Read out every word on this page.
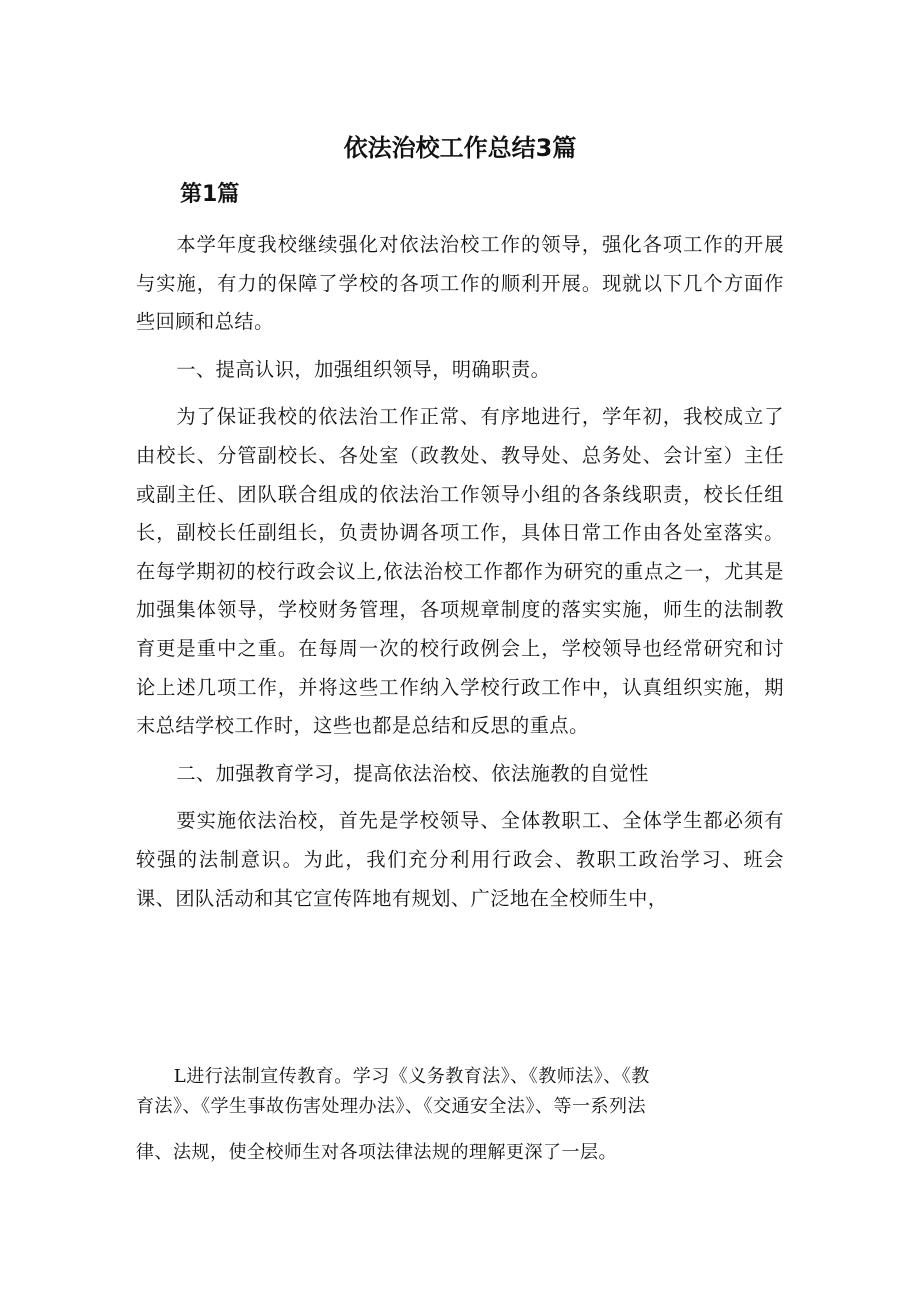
依法治校工作总结3篇
第1篇

本学年度我校继续强化对依法治校工作的领导，强化各项工作的开展与实施，有力的保障了学校的各项工作的顺利开展。现就以下几个方面作些回顾和总结。

一、提高认识，加强组织领导，明确职责。

为了保证我校的依法治工作正常、有序地进行，学年初，我校成立了由校长、分管副校长、各处室（政教处、教导处、总务处、会计室）主任或副主任、团队联合组成的依法治工作领导小组的各条线职责，校长任组长，副校长任副组长，负责协调各项工作，具体日常工作由各处室落实。在每学期初的校行政会议上,依法治校工作都作为研究的重点之一，尤其是加强集体领导，学校财务管理，各项规章制度的落实实施，师生的法制教育更是重中之重。在每周一次的校行政例会上，学校领导也经常研究和讨论上述几项工作，并将这些工作纳入学校行政工作中，认真组织实施，期末总结学校工作时，这些也都是总结和反思的重点。

二、加强教育学习，提高依法治校、依法施教的自觉性

要实施依法治校，首先是学校领导、全体教职工、全体学生都必须有较强的法制意识。为此，我们充分利用行政会、教职工政治学习、班会课、团队活动和其它宣传阵地有规划、广泛地在全校师生中，

L进行法制宣传教育。学习《义务教育法》、《教师法》、《教
育法》、《学生事故伤害处理办法》、《交通安全法》、等一系列法
律、法规，使全校师生对各项法律法规的理解更深了一层。
